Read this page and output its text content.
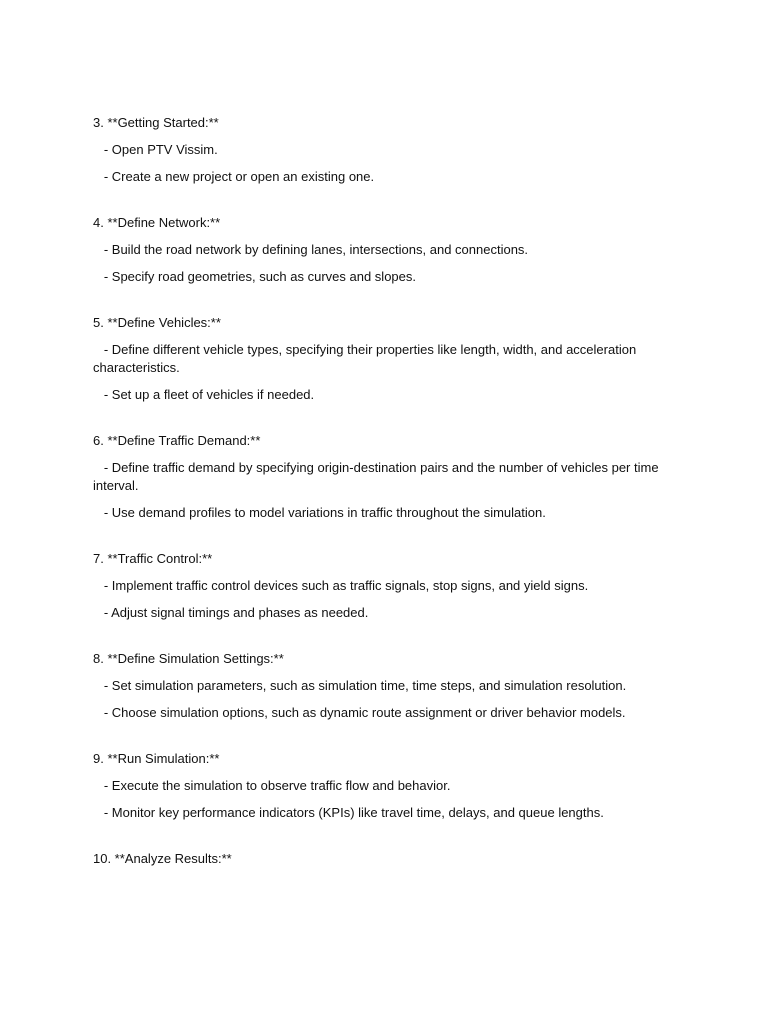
3. **Getting Started:**

- Open PTV Vissim.

- Create a new project or open an existing one.

4. **Define Network:**

- Build the road network by defining lanes, intersections, and connections.

- Specify road geometries, such as curves and slopes.

5. **Define Vehicles:**

- Define different vehicle types, specifying their properties like length, width, and acceleration characteristics.

- Set up a fleet of vehicles if needed.

6. **Define Traffic Demand:**

- Define traffic demand by specifying origin-destination pairs and the number of vehicles per time interval.

- Use demand profiles to model variations in traffic throughout the simulation.

7. **Traffic Control:**

- Implement traffic control devices such as traffic signals, stop signs, and yield signs.

- Adjust signal timings and phases as needed.

8. **Define Simulation Settings:**

- Set simulation parameters, such as simulation time, time steps, and simulation resolution.

- Choose simulation options, such as dynamic route assignment or driver behavior models.

9. **Run Simulation:**

- Execute the simulation to observe traffic flow and behavior.

- Monitor key performance indicators (KPIs) like travel time, delays, and queue lengths.

10. **Analyze Results:**
